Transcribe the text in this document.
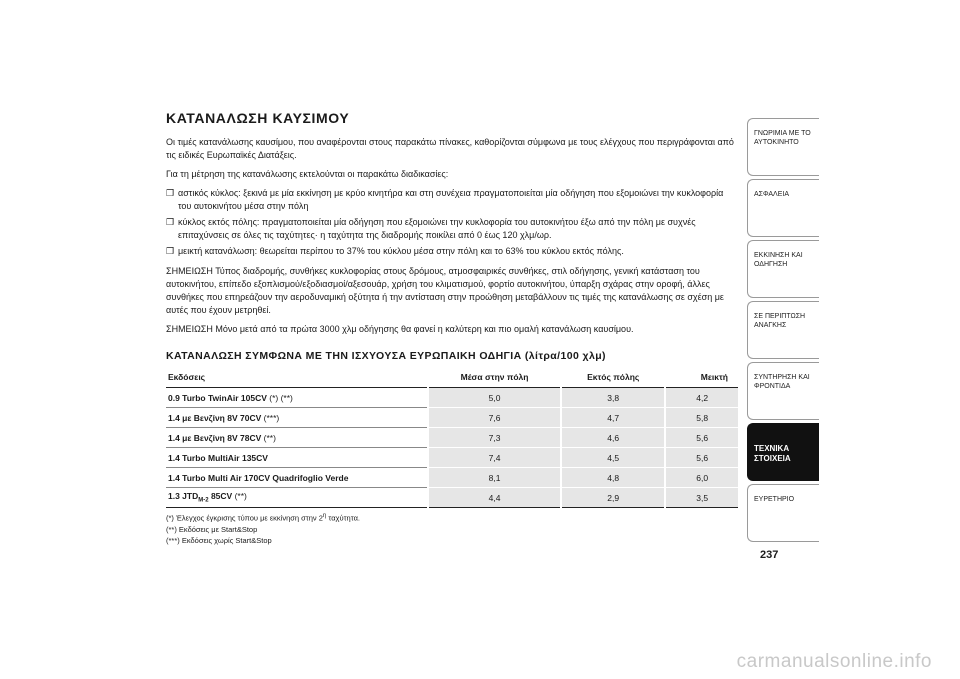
ΚΑΤΑΝΑΛΩΣΗ ΚΑΥΣΙΜΟΥ

Οι τιμές κατανάλωσης καυσίμου, που αναφέρονται στους παρακάτω πίνακες, καθορίζονται σύμφωνα με τους ελέγχους που περιγράφονται από τις ειδικές Ευρωπαϊκές Διατάξεις.

Για τη μέτρηση της κατανάλωσης εκτελούνται οι παρακάτω διαδικασίες:

❒ αστικός κύκλος: ξεκινά με μία εκκίνηση με κρύο κινητήρα και στη συνέχεια πραγματοποιείται μία οδήγηση που εξομοιώνει την κυκλοφορία του αυτοκινήτου μέσα στην πόλη
❒ κύκλος εκτός πόλης: πραγματοποιείται μία οδήγηση που εξομοιώνει την κυκλοφορία του αυτοκινήτου έξω από την πόλη με συχνές επιταχύνσεις σε όλες τις ταχύτητες· η ταχύτητα της διαδρομής ποικίλει από 0 έως 120 χλμ/ωρ.
❒ μεικτή κατανάλωση: θεωρείται περίπου το 37% του κύκλου μέσα στην πόλη και το 63% του κύκλου εκτός πόλης.

ΣΗΜΕΙΩΣΗ Τύπος διαδρομής, συνθήκες κυκλοφορίας στους δρόμους, ατμοσφαιρικές συνθήκες, στιλ οδήγησης, γενική κατάσταση του αυτοκινήτου, επίπεδο εξοπλισμού/εξοδιασμοί/αξεσουάρ, χρήση του κλιματισμού, φορτίο αυτοκινήτου, ύπαρξη σχάρας στην οροφή, άλλες συνθήκες που επηρεάζουν την αεροδυναμική οξύτητα ή την αντίσταση στην προώθηση μεταβάλλουν τις τιμές της κατανάλωσης σε σχέση με αυτές που έχουν μετρηθεί.

ΣΗΜΕΙΩΣΗ Μόνο μετά από τα πρώτα 3000 χλμ οδήγησης θα φανεί η καλύτερη και πιο ομαλή κατανάλωση καυσίμου.

ΚΑΤΑΝΑΛΩΣΗ ΣΥΜΦΩΝΑ ΜΕ ΤΗΝ ΙΣΧΥΟΥΣΑ ΕΥΡΩΠΑΙΚΗ ΟΔΗΓΙΑ (λίτρα/100 χλμ)
Εκδόσεις	Μέσα στην πόλη	Εκτός πόλης	Μεικτή
0.9 Turbo TwinAir 105CV (*) (**)	5,0	3,8	4,2
1.4 με Βενζίνη 8V 70CV (***)	7,6	4,7	5,8
1.4 με Βενζίνη 8V 78CV (**)	7,3	4,6	5,6
1.4 Turbo MultiAir 135CV	7,4	4,5	5,6
1.4 Turbo Multi Air 170CV Quadrifoglio Verde	8,1	4,8	6,0
1.3 $JTD_{M-2}$ 85CV (**)	4,4	2,9	3,5
(*) Έλεγχος έγκρισης τύπου με εκκίνηση στην $2^\eta$ ταχύτητα.
(**) Εκδόσεις με Start&Stop
(***) Εκδόσεις χωρίς Start&Stop
ΓΝΩΡΙΜΙΑ ΜΕ ΤΟ ΑΥΤΟΚΙΝΗΤΟ
ΑΣΦΑΛΕΙΑ
ΕΚΚΙΝΗΣΗ ΚΑΙ ΟΔΗΓΗΣΗ
ΣΕ ΠΕΡΙΠΤΩΣΗ ΑΝΑΓΚΗΣ
ΣΥΝΤΗΡΗΣΗ ΚΑΙ ΦΡΟΝΤΙΔΑ
ΤΕΧΝΙΚΑ ΣΤΟΙΧΕΙΑ
ΕΥΡΕΤΗΡΙΟ
237
carmanualsonline.info
